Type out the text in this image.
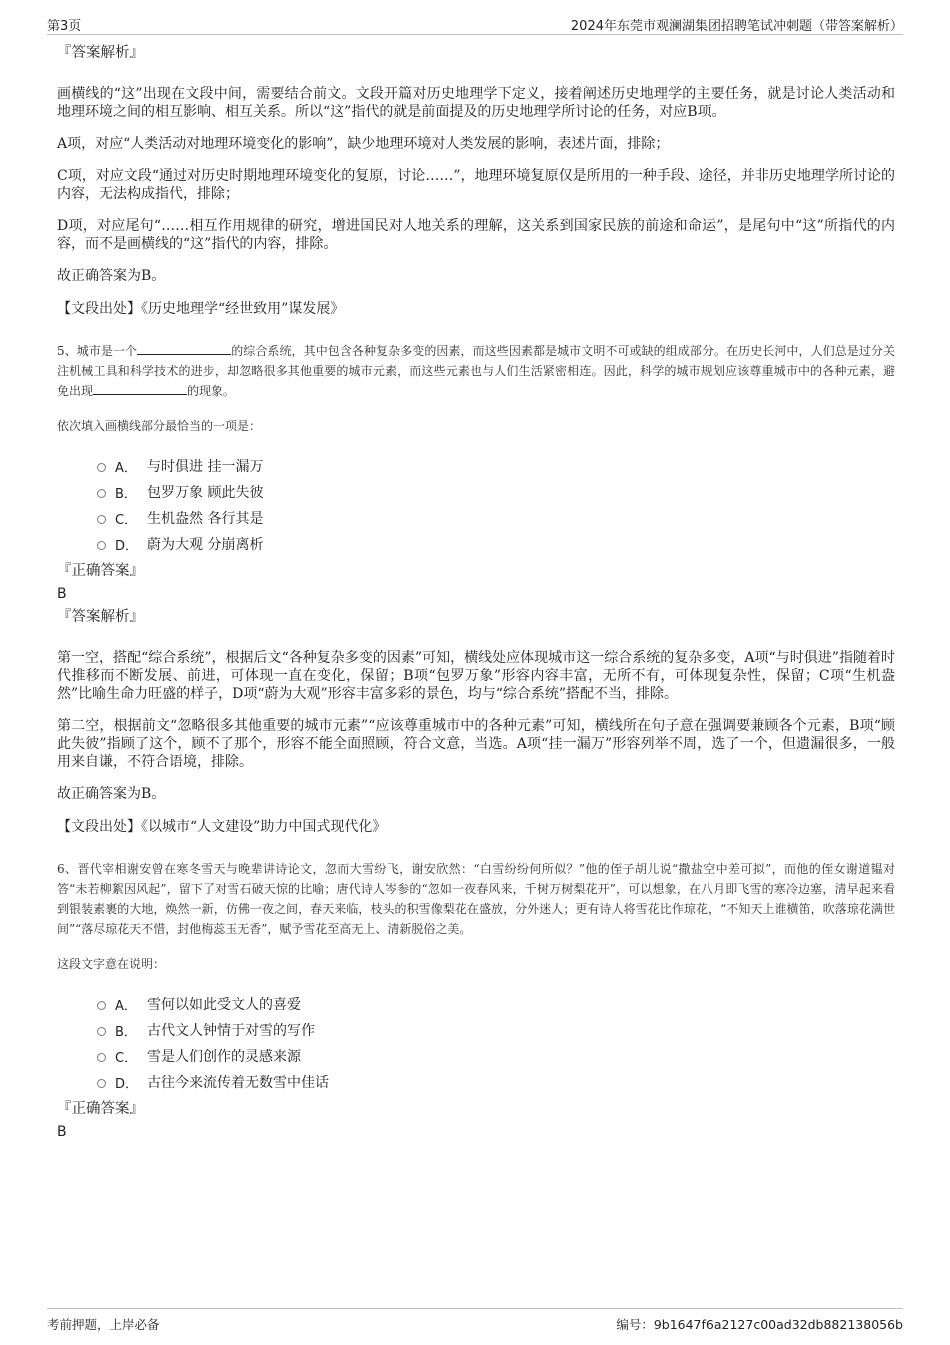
第3页	2024年东莞市观澜湖集团招聘笔试冲刺题（带答案解析）
『答案解析』

画横线的“这”出现在文段中间，需要结合前文。文段开篇对历史地理学下定义，接着阐述历史地理学的主要任务，就是讨论人类活动和地理环境之间的相互影响、相互关系。所以“这”指代的就是前面提及的历史地理学所讨论的任务，对应B项。

A项，对应“人类活动对地理环境变化的影响”，缺少地理环境对人类发展的影响，表述片面，排除；

C项，对应文段“通过对历史时期地理环境变化的复原，讨论……”，地理环境复原仅是所用的一种手段、途径，并非历史地理学所讨论的内容，无法构成指代，排除；

D项，对应尾句“……相互作用规律的研究，增进国民对人地关系的理解，这关系到国家民族的前途和命运”，是尾句中“这”所指代的内容，而不是画横线的“这”指代的内容，排除。

故正确答案为B。

【文段出处】《历史地理学“经世致用”谋发展》

5、城市是一个	的综合系统，其中包含各种复杂多变的因素，而这些因素都是城市文明不可或缺的组成部分。在历史长河中，人们总是过分关注机械工具和科学技术的进步，却忽略很多其他重要的城市元素，而这些元素也与人们生活紧密相连。因此，科学的城市规划应该尊重城市中的各种元素，避免出现	的现象。

依次填入画横线部分最恰当的一项是：

A． 与时俱进 挂一漏万
B． 包罗万象 顾此失彼
C． 生机盎然 各行其是
D． 蔚为大观 分崩离析
『正确答案』
B
『答案解析』

第一空，搭配“综合系统”，根据后文“各种复杂多变的因素”可知，横线处应体现城市这一综合系统的复杂多变，A项“与时俱进”指随着时代推移而不断发展、前进，可体现一直在变化，保留；B项“包罗万象”形容内容丰富，无所不有，可体现复杂性，保留；C项“生机盎然”比喻生命力旺盛的样子，D项“蔚为大观”形容丰富多彩的景色，均与“综合系统”搭配不当，排除。

第二空，根据前文“忽略很多其他重要的城市元素”“应该尊重城市中的各种元素”可知，横线所在句子意在强调要兼顾各个元素，B项“顾此失彼”指顾了这个，顾不了那个，形容不能全面照顾，符合文意，当选。A项“挂一漏万”形容列举不周，选了一个，但遗漏很多，一般用来自谦，不符合语境，排除。

故正确答案为B。

【文段出处】《以城市“人文建设”助力中国式现代化》

6、晋代宰相谢安曾在寒冬雪天与晚辈讲诗论文，忽而大雪纷飞，谢安欣然：“白雪纷纷何所似？”他的侄子胡儿说“撒盐空中差可拟”，而他的侄女谢道韫对答“未若柳絮因风起”，留下了对雪石破天惊的比喻；唐代诗人岑参的“忽如一夜春风来，千树万树梨花开”，可以想象，在八月即飞雪的寒冷边塞，清早起来看到银装素裹的大地，焕然一新，仿佛一夜之间，春天来临，枝头的积雪像梨花在盛放，分外迷人；更有诗人将雪花比作琼花，“不知天上谁横笛，吹落琼花满世间”“落尽琼花天不惜，封他梅蕊玉无香”，赋予雪花至高无上、清新脱俗之美。

这段文字意在说明：

A． 雪何以如此受文人的喜爱
B． 古代文人钟情于对雪的写作
C． 雪是人们创作的灵感来源
D． 古往今来流传着无数雪中佳话
『正确答案』
B
考前押题，上岸必备	编号：9b1647f6a2127c00ad32db882138056b
